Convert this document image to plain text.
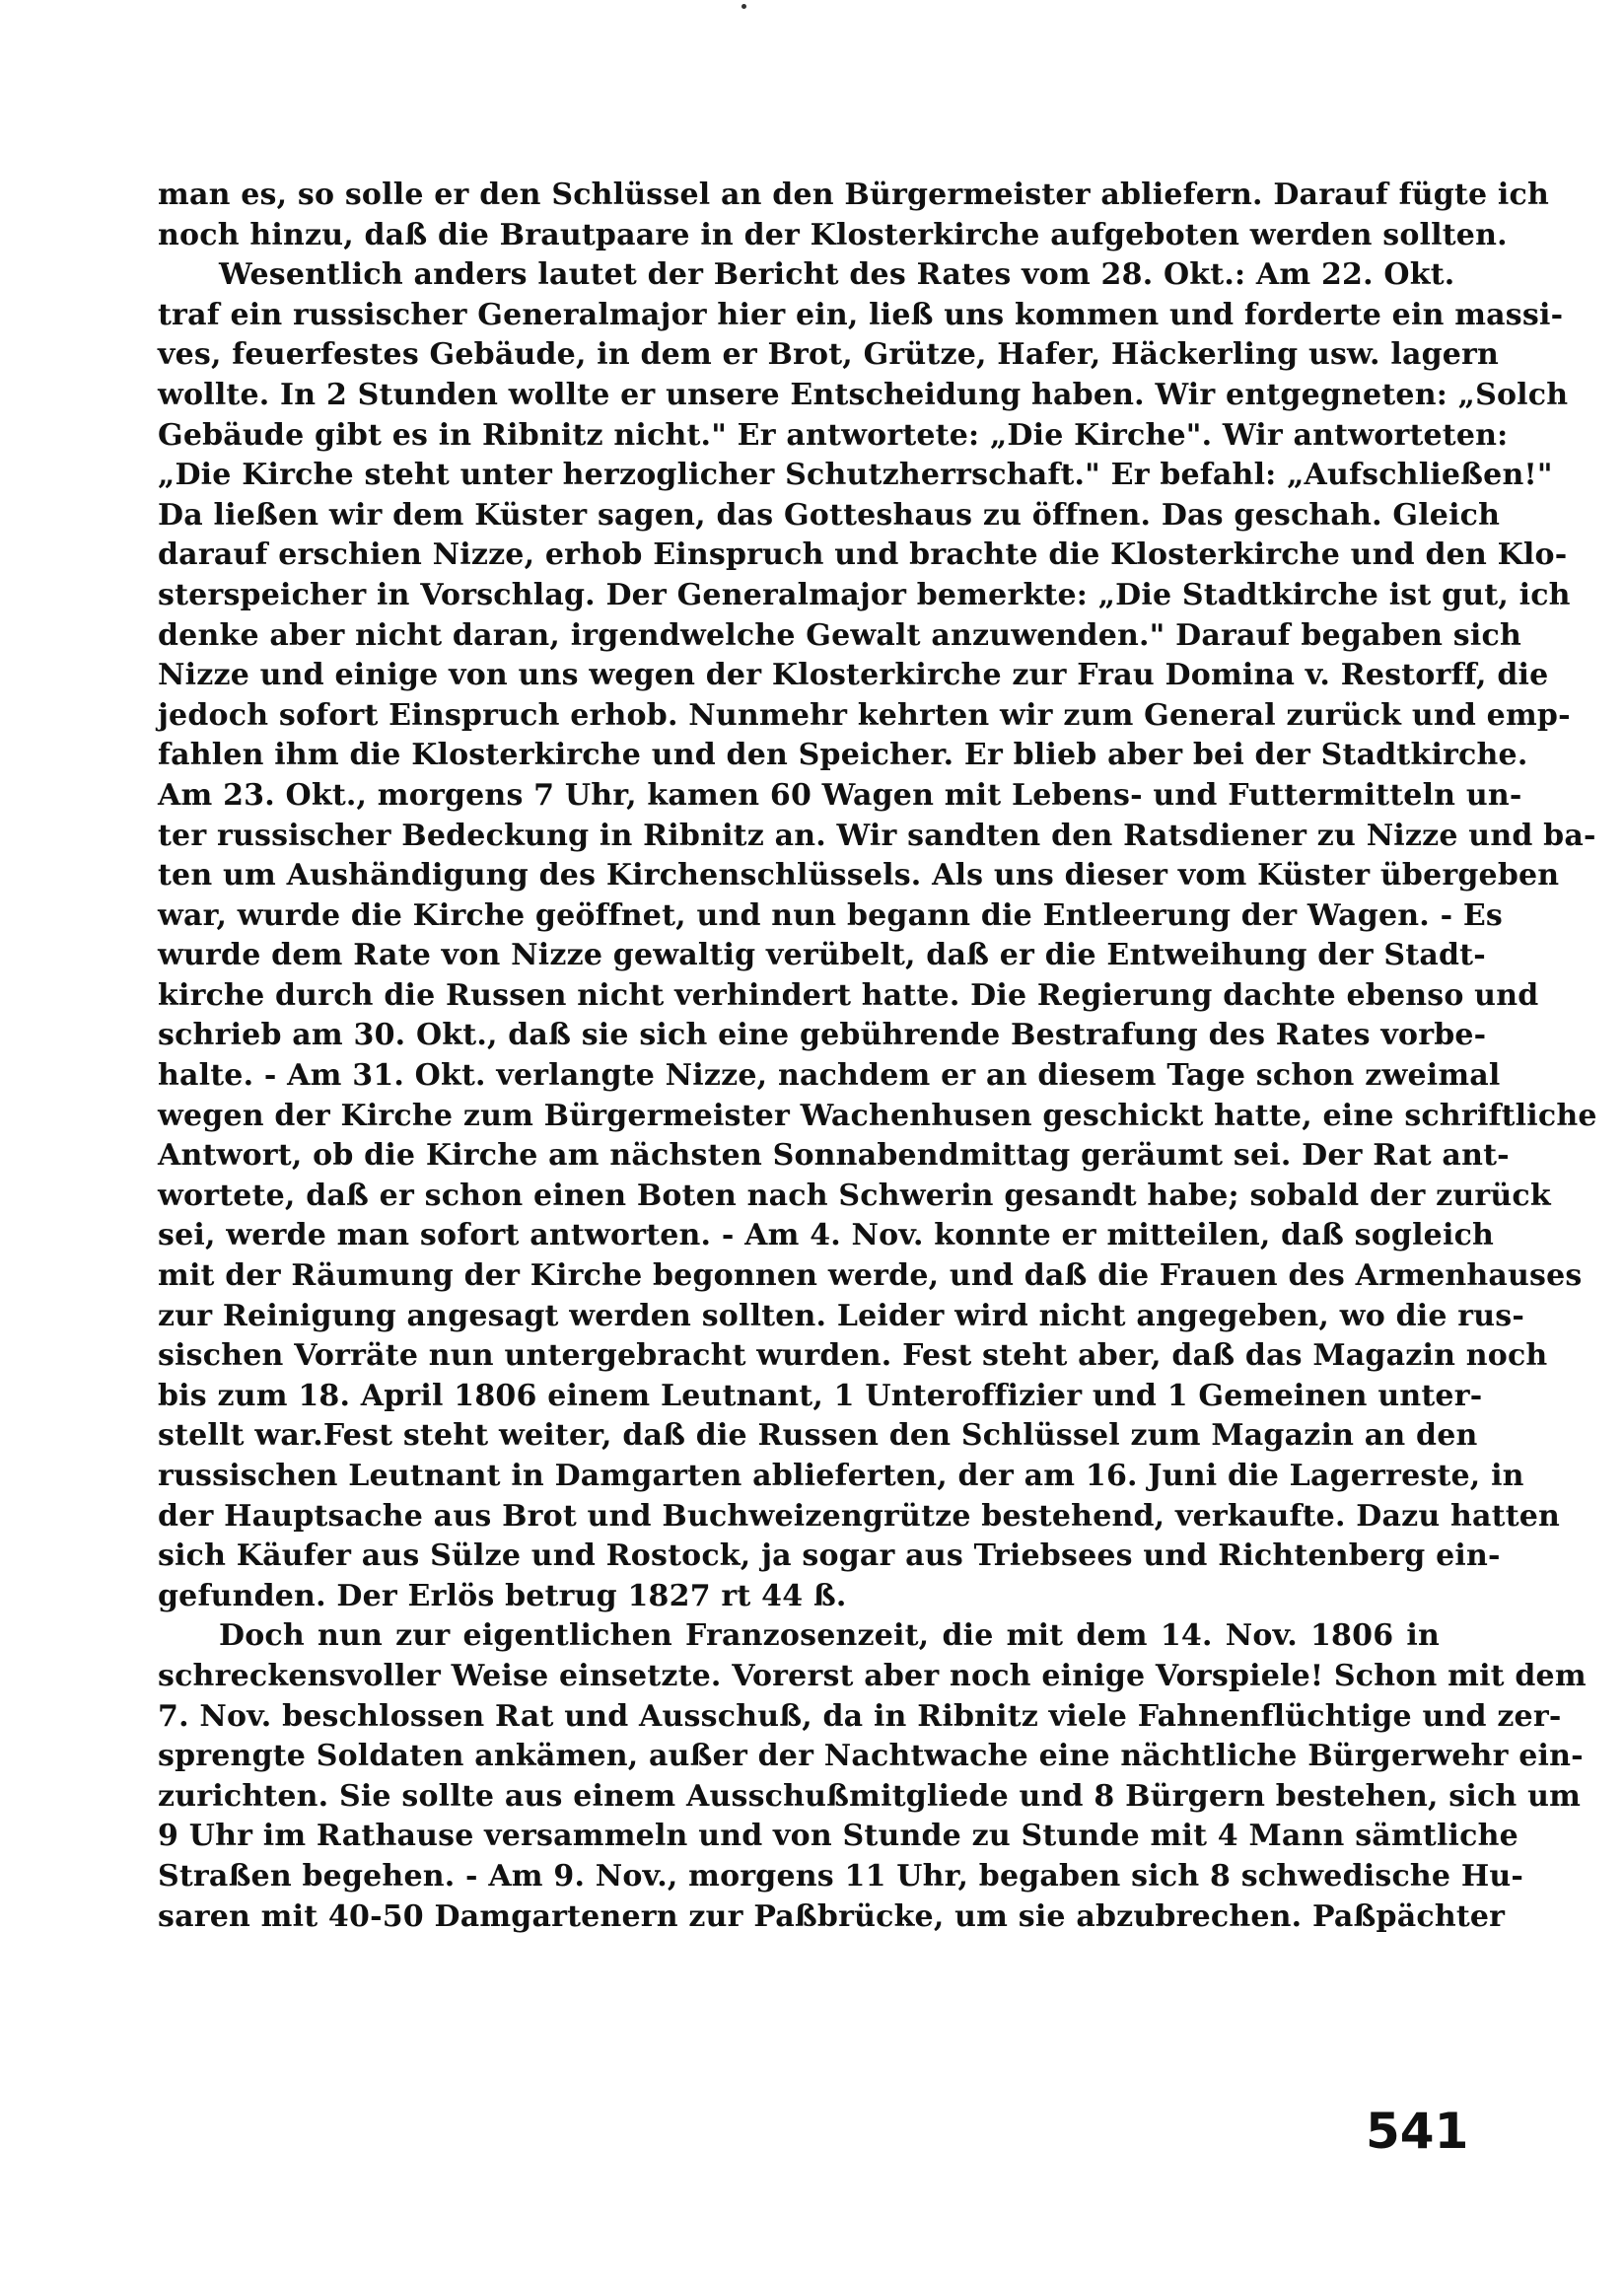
man es, so solle er den Schlüssel an den Bürgermeister abliefern. Darauf fügte ich
noch hinzu, daß die Brautpaare in der Klosterkirche aufgeboten werden sollten.
Wesentlich anders lautet der Bericht des Rates vom 28. Okt.: Am 22. Okt.
traf ein russischer Generalmajor hier ein, ließ uns kommen und forderte ein massi-
ves, feuerfestes Gebäude, in dem er Brot, Grütze, Hafer, Häckerling usw. lagern
wollte. In 2 Stunden wollte er unsere Entscheidung haben. Wir entgegneten: „Solch
Gebäude gibt es in Ribnitz nicht." Er antwortete: „Die Kirche". Wir antworteten:
„Die Kirche steht unter herzoglicher Schutzherrschaft." Er befahl: „Aufschließen!"
Da ließen wir dem Küster sagen, das Gotteshaus zu öffnen. Das geschah. Gleich
darauf erschien Nizze, erhob Einspruch und brachte die Klosterkirche und den Klo-
sterspeicher in Vorschlag. Der Generalmajor bemerkte: „Die Stadtkirche ist gut, ich
denke aber nicht daran, irgendwelche Gewalt anzuwenden." Darauf begaben sich
Nizze und einige von uns wegen der Klosterkirche zur Frau Domina v. Restorff, die
jedoch sofort Einspruch erhob. Nunmehr kehrten wir zum General zurück und emp-
fahlen ihm die Klosterkirche und den Speicher. Er blieb aber bei der Stadtkirche.
Am 23. Okt., morgens 7 Uhr, kamen 60 Wagen mit Lebens- und Futtermitteln un-
ter russischer Bedeckung in Ribnitz an. Wir sandten den Ratsdiener zu Nizze und ba-
ten um Aushändigung des Kirchenschlüssels. Als uns dieser vom Küster übergeben
war, wurde die Kirche geöffnet, und nun begann die Entleerung der Wagen. - Es
wurde dem Rate von Nizze gewaltig verübelt, daß er die Entweihung der Stadt-
kirche durch die Russen nicht verhindert hatte. Die Regierung dachte ebenso und
schrieb am 30. Okt., daß sie sich eine gebührende Bestrafung des Rates vorbe-
halte. - Am 31. Okt. verlangte Nizze, nachdem er an diesem Tage schon zweimal
wegen der Kirche zum Bürgermeister Wachenhusen geschickt hatte, eine schriftliche
Antwort, ob die Kirche am nächsten Sonnabendmittag geräumt sei. Der Rat ant-
wortete, daß er schon einen Boten nach Schwerin gesandt habe; sobald der zurück
sei, werde man sofort antworten. - Am 4. Nov. konnte er mitteilen, daß sogleich
mit der Räumung der Kirche begonnen werde, und daß die Frauen des Armenhauses
zur Reinigung angesagt werden sollten. Leider wird nicht angegeben, wo die rus-
sischen Vorräte nun untergebracht wurden. Fest steht aber, daß das Magazin noch
bis zum 18. April 1806 einem Leutnant, 1 Unteroffizier und 1 Gemeinen unter-
stellt war.Fest steht weiter, daß die Russen den Schlüssel zum Magazin an den
russischen Leutnant in Damgarten ablieferten, der am 16. Juni die Lagerreste, in
der Hauptsache aus Brot und Buchweizengrütze bestehend, verkaufte. Dazu hatten
sich Käufer aus Sülze und Rostock, ja sogar aus Triebsees und Richtenberg ein-
gefunden. Der Erlös betrug 1827 rt 44 ß.
Doch nun zur eigentlichen Franzosenzeit, die mit dem 14. Nov. 1806 in
schreckensvoller Weise einsetzte. Vorerst aber noch einige Vorspiele! Schon mit dem
7. Nov. beschlossen Rat und Ausschuß, da in Ribnitz viele Fahnenflüchtige und zer-
sprengte Soldaten ankämen, außer der Nachtwache eine nächtliche Bürgerwehr ein-
zurichten. Sie sollte aus einem Ausschußmitgliede und 8 Bürgern bestehen, sich um
9 Uhr im Rathause versammeln und von Stunde zu Stunde mit 4 Mann sämtliche
Straßen begehen. - Am 9. Nov., morgens 11 Uhr, begaben sich 8 schwedische Hu-
saren mit 40-50 Damgartenern zur Paßbrücke, um sie abzubrechen. Paßpächter
541
